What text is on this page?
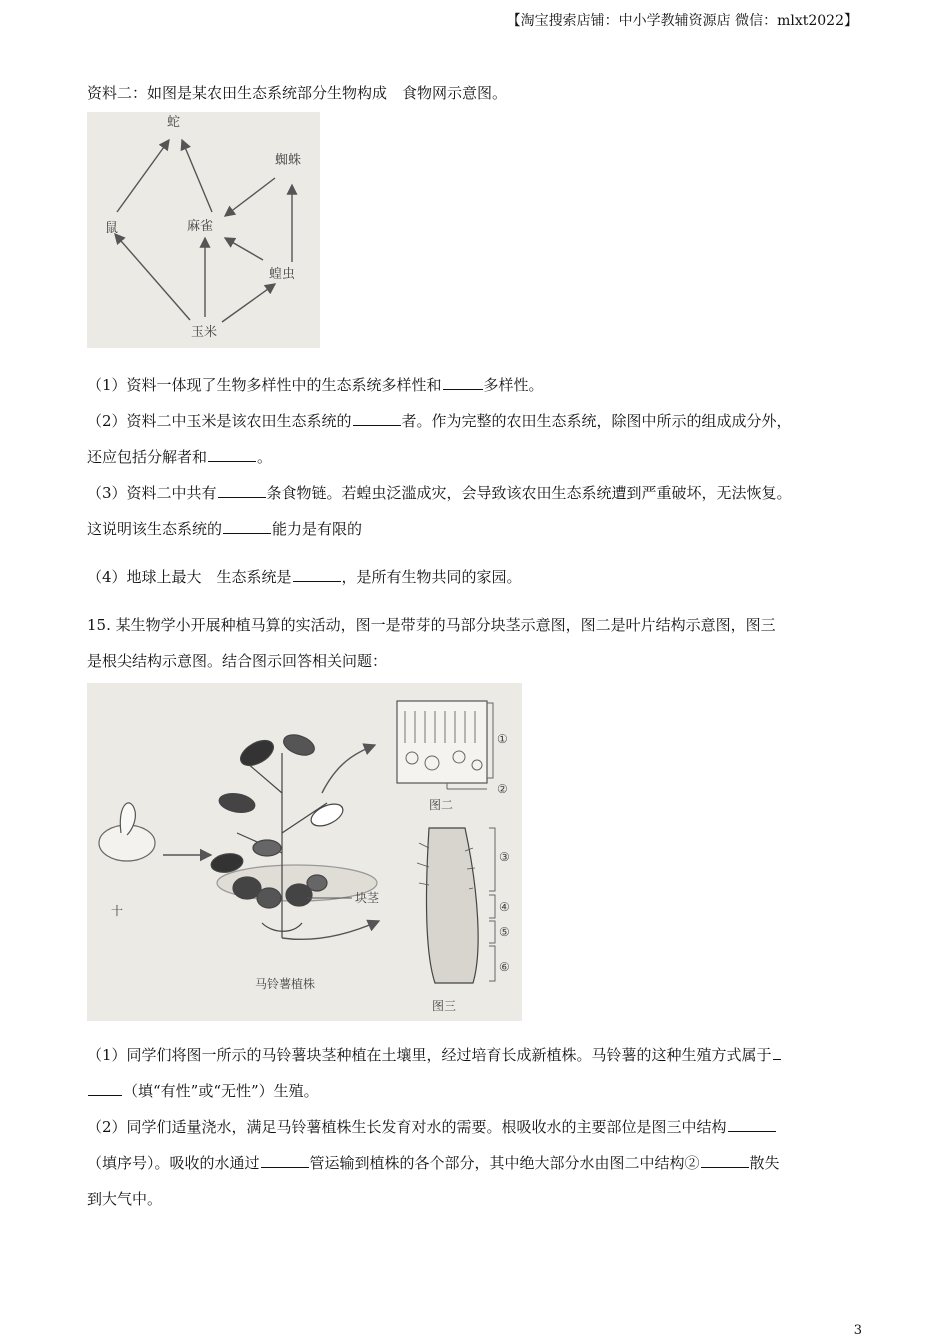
【淘宝搜索店铺：中小学教辅资源店 微信：mlxt2022】
资料二：如图是某农田生态系统部分生物构成　食物网示意图。
蛇
蜘蛛
鼠	麻雀
蝗虫
玉米
（1）资料一体现了生物多样性中的生态系统多样性和	多样性。
（2）资料二中玉米是该农田生态系统的	者。作为完整的农田生态系统，除图中所示的组成成分外，
还应包括分解者和	。
（3）资料二中共有	条食物链。若蝗虫泛滥成灾，会导致该农田生态系统遭到严重破坏，无法恢复。
这说明该生态系统的	能力是有限的
（4）地球上最大　生态系统是	，是所有生物共同的家园。
15. 某生物学小开展种植马算的实活动，图一是带芽的马部分块茎示意图，图二是叶片结构示意图，图三
是根尖结构示意图。结合图示回答相关问题：
十
块茎
马铃薯植株
①
②
图二
③
④
⑤
⑥
图三
（1）同学们将图一所示的马铃薯块茎种植在土壤里，经过培育长成新植株。马铃薯的这种生殖方式属于
（填“有性”或“无性”）生殖。
（2）同学们适量浇水，满足马铃薯植株生长发育对水的需要。根吸收水的主要部位是图三中结构
（填序号）。吸收的水通过	管运输到植株的各个部分，其中绝大部分水由图二中结构②	散失
到大气中。
3
